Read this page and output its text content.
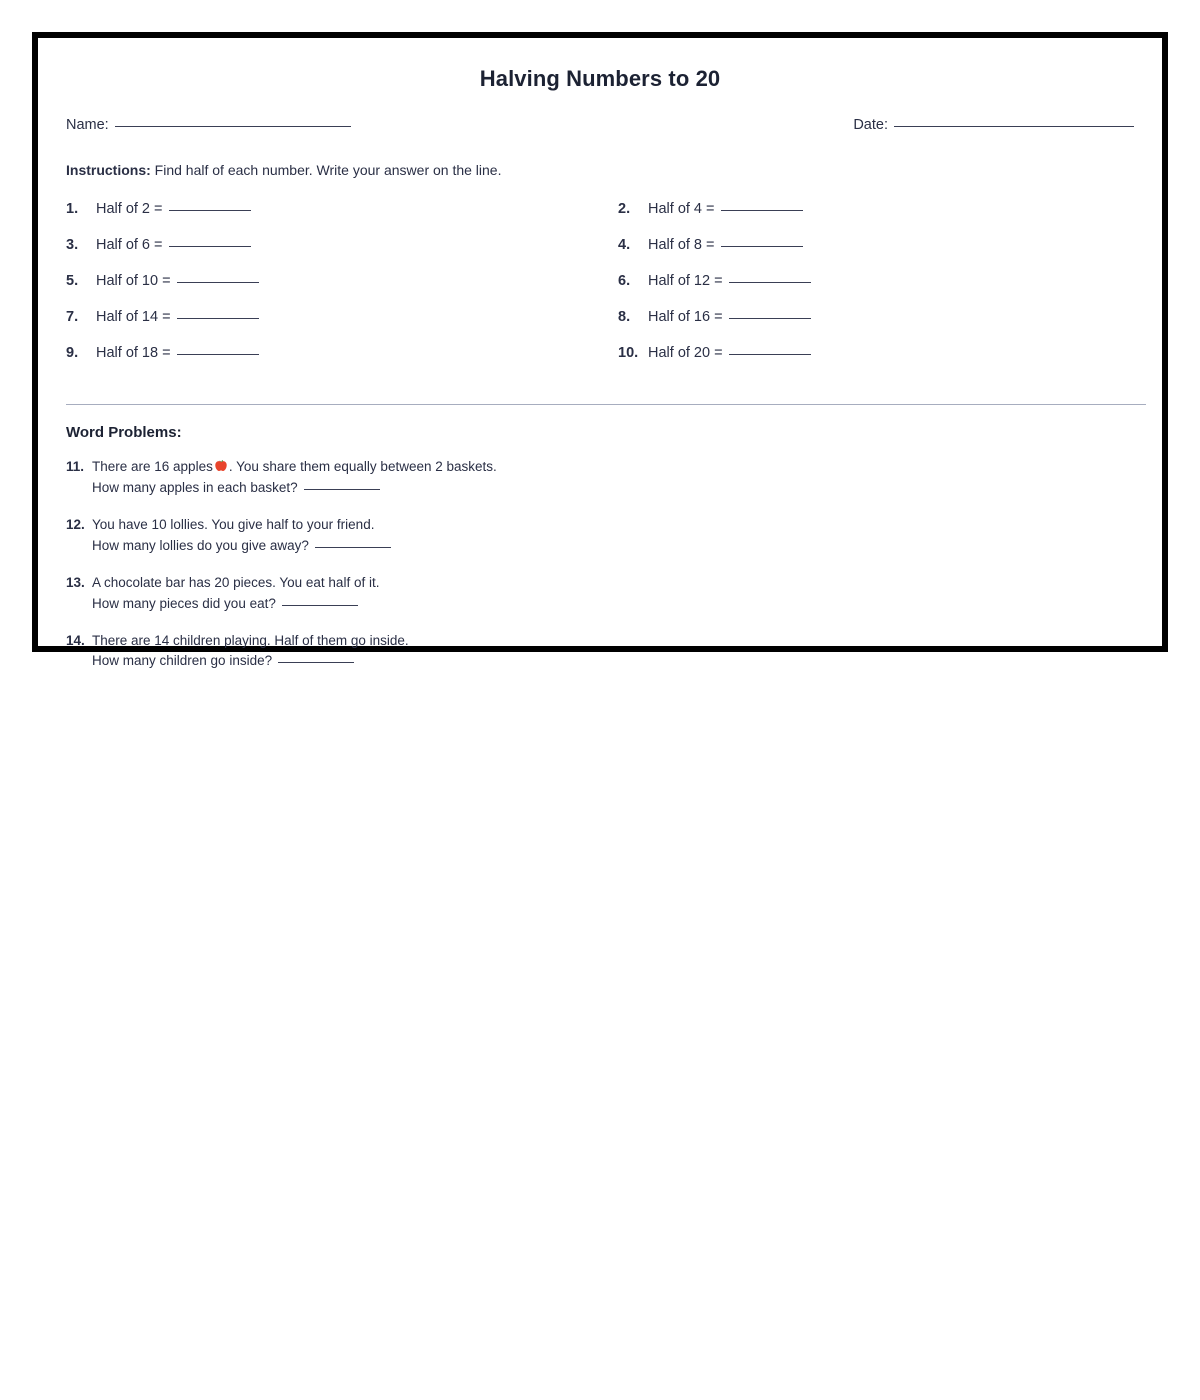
Halving Numbers to 20
Name:	Date:
Instructions: Find half of each number. Write your answer on the line.
1.	Half of 2 =	2.	Half of 4 =
3.	Half of 6 =	4.	Half of 8 =
5.	Half of 10 =	6.	Half of 12 =
7.	Half of 14 =	8.	Half of 16 =
9.	Half of 18 =	10. Half of 20 =
Word Problems:
11. There are 16 apples . You share them equally between 2 baskets.
How many apples in each basket?
12. You have 10 lollies. You give half to your friend.
How many lollies do you give away?
13. A chocolate bar has 20 pieces. You eat half of it.
How many pieces did you eat?
14. There are 14 children playing. Half of them go inside.
How many children go inside?
